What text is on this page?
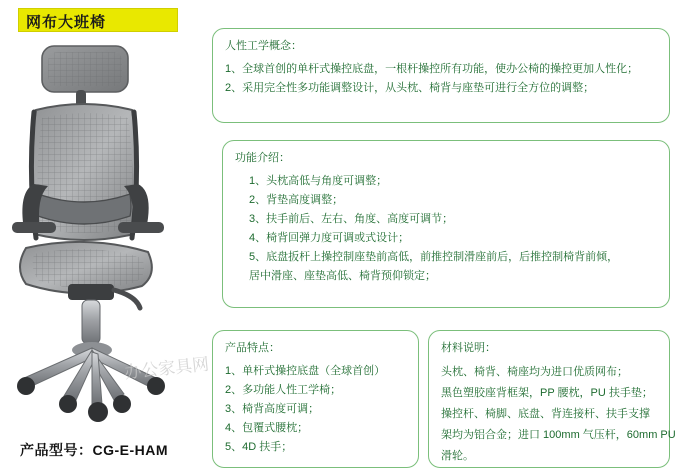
网布大班椅
办公家具网
产品型号：CG-E-HAM
人性工学概念：
1、全球首创的单杆式操控底盘，一根杆操控所有功能，使办公椅的操控更加人性化；
2、采用完全性多功能调整设计，从头枕、椅背与座垫可进行全方位的调整；
功能介绍：
1、头枕高低与角度可调整；
2、背垫高度调整；
3、扶手前后、左右、角度、高度可调节；
4、椅背回弹力度可调或式设计；
5、底盘扳杆上操控制座垫前高低，前推控制滑座前后，后推控制椅背前倾，
居中滑座、座垫高低、椅背预仰锁定；
产品特点：
1、单杆式操控底盘（全球首创）
2、多功能人性工学椅；
3、椅背高度可调；
4、包覆式腰枕；
5、4D 扶手；
材料说明：
头枕、椅背、椅座均为进口优质网布；
黑色塑胶座背框架，PP 腰枕，PU 扶手垫；
操控杆、椅脚、底盘、背连接杆、扶手支撑
架均为铝合金；进口 100mm 气压杆，60mm PU
滑轮。
